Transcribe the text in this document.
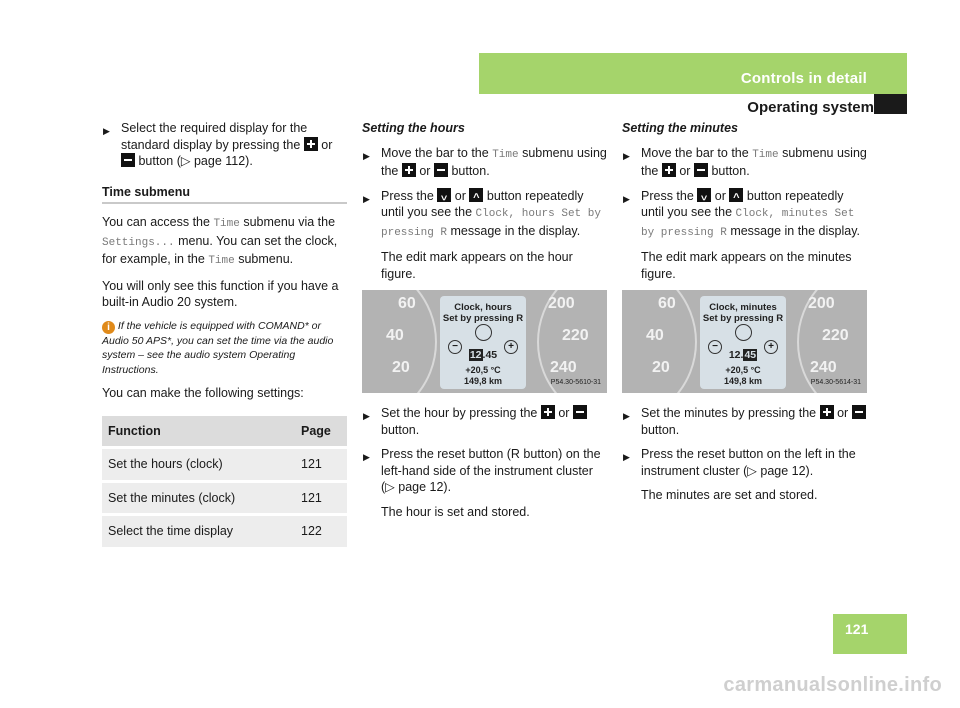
Controls in detail
Operating system
▶ Select the required display for the standard display by pressing the or  button (▷ page 112).
Time submenu
You can access the Time submenu via the Settings... menu. You can set the clock, for example, in the Time submenu.
You will only see this function if you have a built-in Audio 20 system.
i If the vehicle is equipped with COMAND* or Audio 50 APS*, you can set the time via the audio system – see the audio system Operating Instructions.
You can make the following settings:
Function	Page
Set the hours (clock)	121
Set the minutes (clock)	121
Select the time display	122
Setting the hours
▶ Move the bar to the Time submenu using the or button.
▶ Press the ^ or ^ button repeatedly until you see the Clock, hours Set by pressing R message in the display.
The edit mark appears on the hour figure.
60
40
20
200
220
240
Clock, hours
Set by pressing R
−	+
12.45
+20,5 °C
149,8 km	P54.30-5610-31
▶ Set the hour by pressing the or  button.
▶ Press the reset button (R button) on the left-hand side of the instrument cluster (▷ page 12).
The hour is set and stored.
Setting the minutes
▶ Move the bar to the Time submenu using the or button.
▶ Press the ^ or ^ button repeatedly until you see the Clock, minutes Set by pressing R message in the display.
The edit mark appears on the minutes figure.
60
40
20
200
220
240
Clock, minutes
Set by pressing R
−	+
12.45
+20,5 °C
149,8 km	P54.30-5614-31
▶ Set the minutes by pressing the or  button.
▶ Press the reset button on the left in the instrument cluster (▷ page 12).
The minutes are set and stored.
121
carmanualsonline.info
